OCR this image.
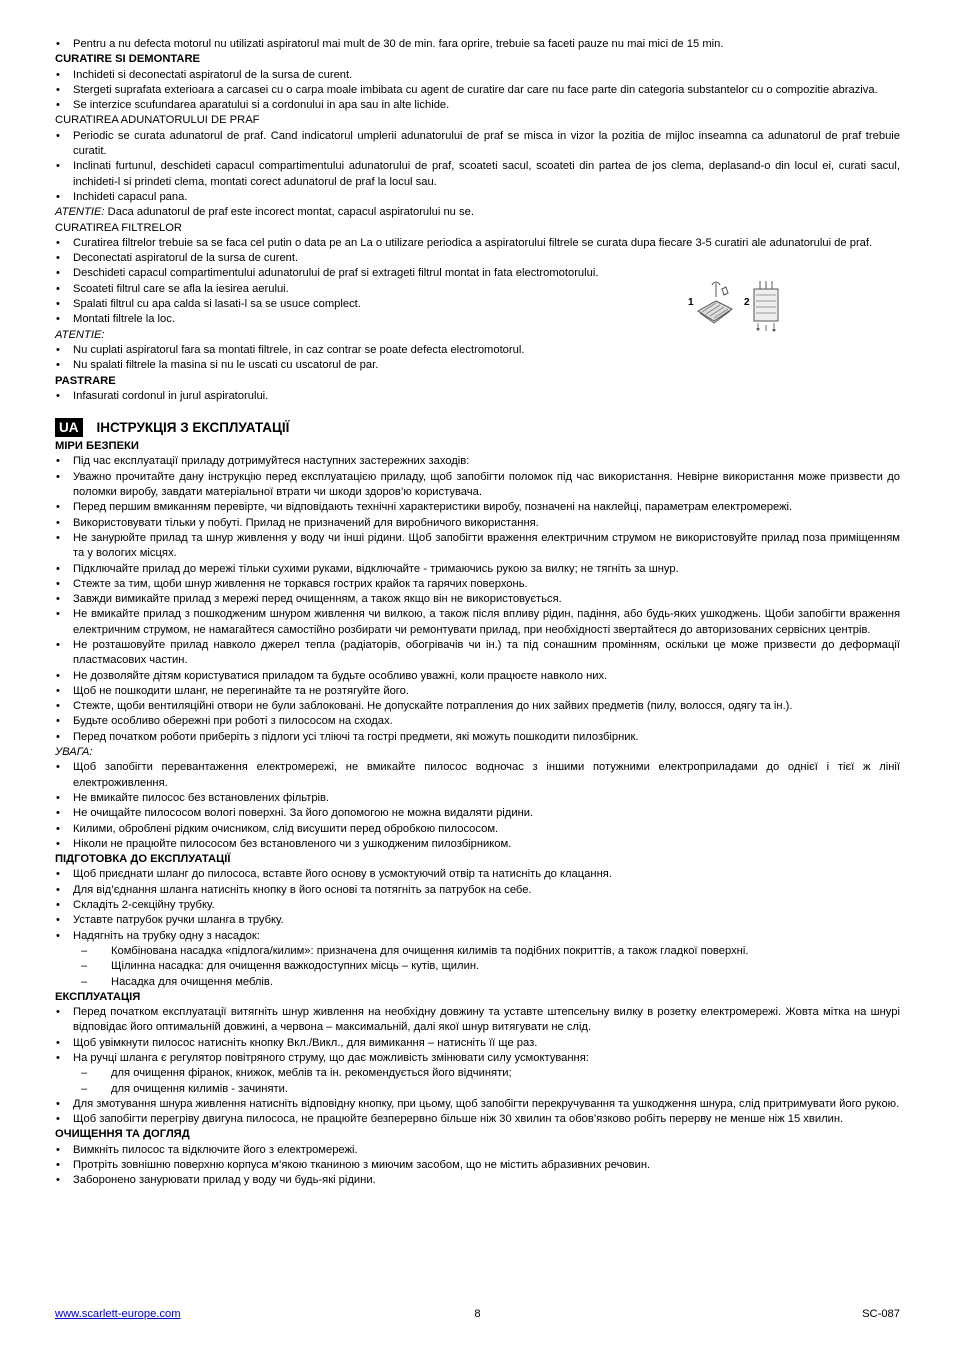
• Pentru a nu defecta motorul nu utilizati aspiratorul mai mult de 30 de min. fara oprire, trebuie sa faceti pauze nu mai mici de 15 min.
CURATIRE SI DEMONTARE
• Inchideti si deconectati aspiratorul de la sursa de curent.
• Stergeti suprafata exterioara a carcasei cu o carpa moale imbibata cu agent de curatire dar care nu face parte din categoria substantelor cu o compozitie abraziva.
• Se interzice scufundarea aparatului si a cordonului in apa sau in alte lichide.
CURATIREA ADUNATORULUI DE PRAF
• Periodic se curata adunatorul de praf. Cand indicatorul umplerii adunatorului de praf se misca in vizor la pozitia de mijloc inseamna ca adunatorul de praf trebuie curatit.
• Inclinati furtunul, deschideti capacul compartimentului adunatorului de praf, scoateti sacul, scoateti din partea de jos clema, deplasand-o din locul ei, curati sacul, inchideti-l si prindeti clema, montati corect adunatorul de praf la locul sau.
• Inchideti capacul pana.
ATENTIE: Daca adunatorul de praf este incorect montat, capacul aspiratorului nu se.
CURATIREA FILTRELOR
• Curatirea filtrelor trebuie sa se faca cel putin o data pe an La o utilizare periodica a aspiratorului filtrele se curata dupa fiecare 3-5 curatiri ale adunatorului de praf.
• Deconectati aspiratorul de la sursa de curent.
• Deschideti capacul compartimentului adunatorului de praf si extrageti filtrul montat in fata electromotorului.
• Scoateti filtrul care se afla la iesirea aerului.
• Spalati filtrul cu apa calda si lasati-l sa se usuce complect.
• Montati filtrele la loc.
ATENTIE:
• Nu cuplati aspiratorul fara sa montati filtrele, in caz contrar se poate defecta electromotorul.
• Nu spalati filtrele la masina si nu le uscati cu uscatorul de par.
PASTRARE
• Infasurati cordonul in jurul aspiratorului.
UA ІНСТРУКЦІЯ З ЕКСПЛУАТАЦІЇ
МІРИ БЕЗПЕКИ
• Під час експлуатації приладу дотримуйтеся наступних застережних заходів:
• Уважно прочитайте дану інструкцію перед експлуатацією приладу, щоб запобігти поломок під час використання. Невірне використання може призвести до поломки виробу, завдати матеріальної втрати чи шкоди здоров’ю користувача.
• Перед першим вмиканням перевірте, чи відповідають технічні характеристики виробу, позначені на наклейці, параметрам електромережі.
• Використовувати тільки у побуті. Прилад не призначений для виробничого використання.
• Не занурюйте прилад та шнур живлення у воду чи інші рідини. Щоб запобігти враження електричним струмом не використовуйте прилад поза приміщенням та у вологих місцях.
• Підключайте прилад до мережі тільки сухими руками, відключайте - тримаючись рукою за вилку; не тягніть за шнур.
• Стежте за тим, щоби шнур живлення не торкався гострих крайок та гарячих поверхонь.
• Завжди вимикайте прилад з мережі перед очищенням, а також якщо він не використовується.
• Не вмикайте прилад з пошкодженим шнуром живлення чи вилкою, а також після впливу рідин, падіння, або будь-яких ушкоджень. Щоби запобігти враження електричним струмом, не намагайтеся самостійно розбирати чи ремонтувати прилад, при необхідності звертайтеся до авторизованих сервісних центрів.
• Не розташовуйте прилад навколо джерел тепла (радіаторів, обогрівачів чи ін.) та під сонашним промінням, оскільки це може призвести до деформації пластмасових частин.
• Не дозволяйте дітям користуватися приладом та будьте особливо уважні, коли працюєте навколо них.
• Щоб не пошкодити шланг, не перегинайте та не розтягуйте його.
• Стежте, щоби вентиляційні отвори не були заблоковані. Не допускайте потрапления до них зайвих предметів (пилу, волосся, одягу та ін.).
• Будьте особливо обережні при роботі з пилососом на сходах.
• Перед початком роботи приберіть з підлоги усі тліючі та гострі предмети, які можуть пошкодити пилозбірник.
УВАГА:
• Щоб запобігти перевантаження електромережі, не вмикайте пилосос водночас з іншими потужними електроприладами до однієї і тієї ж лінії електроживлення.
• Не вмикайте пилосос без встановлених фільтрів.
• Не очищайте пилососом вологі поверхні. За його допомогою не можна видаляти рідини.
• Килими, оброблені рідким очисником, слід висушити перед обробкою пилососом.
• Ніколи не працюйте пилососом без встановленого чи з ушкодженим пилозбірником.
ПІДГОТОВКА ДО ЕКСПЛУАТАЦІЇ
• Щоб приєднати шланг до пилососа, вставте його основу в усмоктуючий отвір та натисніть до клацання.
• Для від’єднання шланга натисніть кнопку в його основі та потягніть за патрубок на себе.
• Складіть 2-секційну трубку.
• Уставте патрубок ручки шланга в трубку.
• Надягніть на трубку одну з насадок:
– Комбінована насадка «підлога/килим»: призначена для очищення килимів та подібних покриттів, а також гладкої поверхні.
– Щілинна насадка: для очищення важкодоступних місць – кутів, щилин.
– Насадка для очищення меблів.
ЕКСПЛУАТАЦІЯ
• Перед початком експлуатації витягніть шнур живлення на необхідну довжину та уставте штепсельну вилку в розетку електромережі. Жовта мітка на шнурі відповідає його оптимальній довжині, а червона – максимальній, далі якої шнур витягувати не слід.
• Щоб увімкнути пилосос натисніть кнопку Вкл./Викл., для вимикання – натисніть її ще раз.
• На ручці шланга є регулятор повітряного струму, що дає можливість змінювати силу усмоктування:
– для очищення фіранок, книжок, меблів та ін. рекомендується його відчиняти;
– для очищення килимів - зачиняти.
• Для змотування шнура живлення натисніть відповідну кнопку, при цьому, щоб запобігти перекручування та ушкодження шнура, слід притримувати його рукою.
• Щоб запобігти перегріву двигуна пилососа, не працюйте безперервно більше ніж 30 хвилин та обов’язково робіть перерву не менше ніж 15 хвилин.
ОЧИЩЕННЯ ТА ДОГЛЯД
• Вимкніть пилосос та відключите його з електромережі.
• Протріть зовнішню поверхню корпуса м’якою тканиною з миючим засобом, що не містить абразивних речовин.
• Заборонено занурювати прилад у воду чи будь-які рідини.
1	2
www.scarlett-europe.com	8	SC-087
